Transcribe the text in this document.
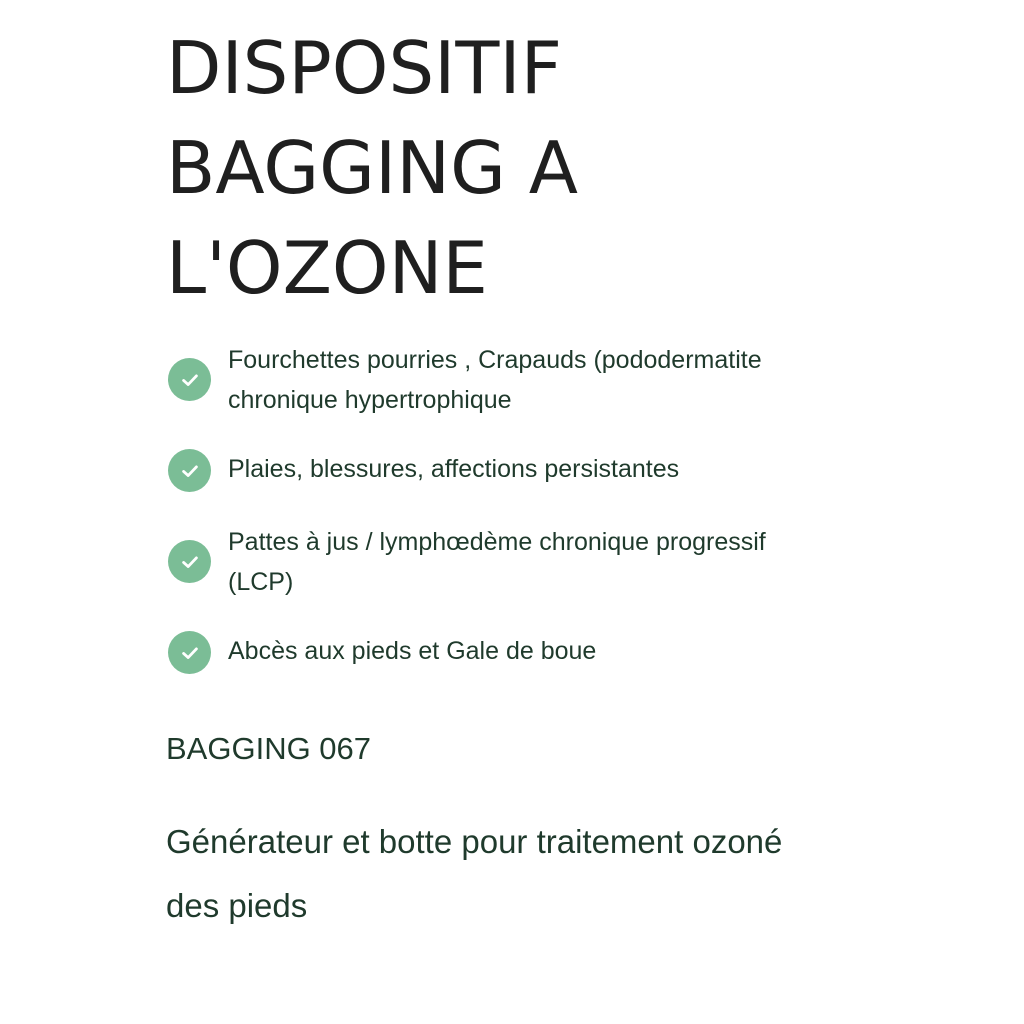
DISPOSITIF
BAGGING A
L'OZONE
Fourchettes pourries , Crapauds (pododermatite
chronique hypertrophique
Plaies, blessures, affections persistantes
Pattes à jus / lymphœdème chronique progressif
(LCP)
Abcès aux pieds et Gale de boue

BAGGING 067

Générateur et botte pour traitement ozoné
des pieds
